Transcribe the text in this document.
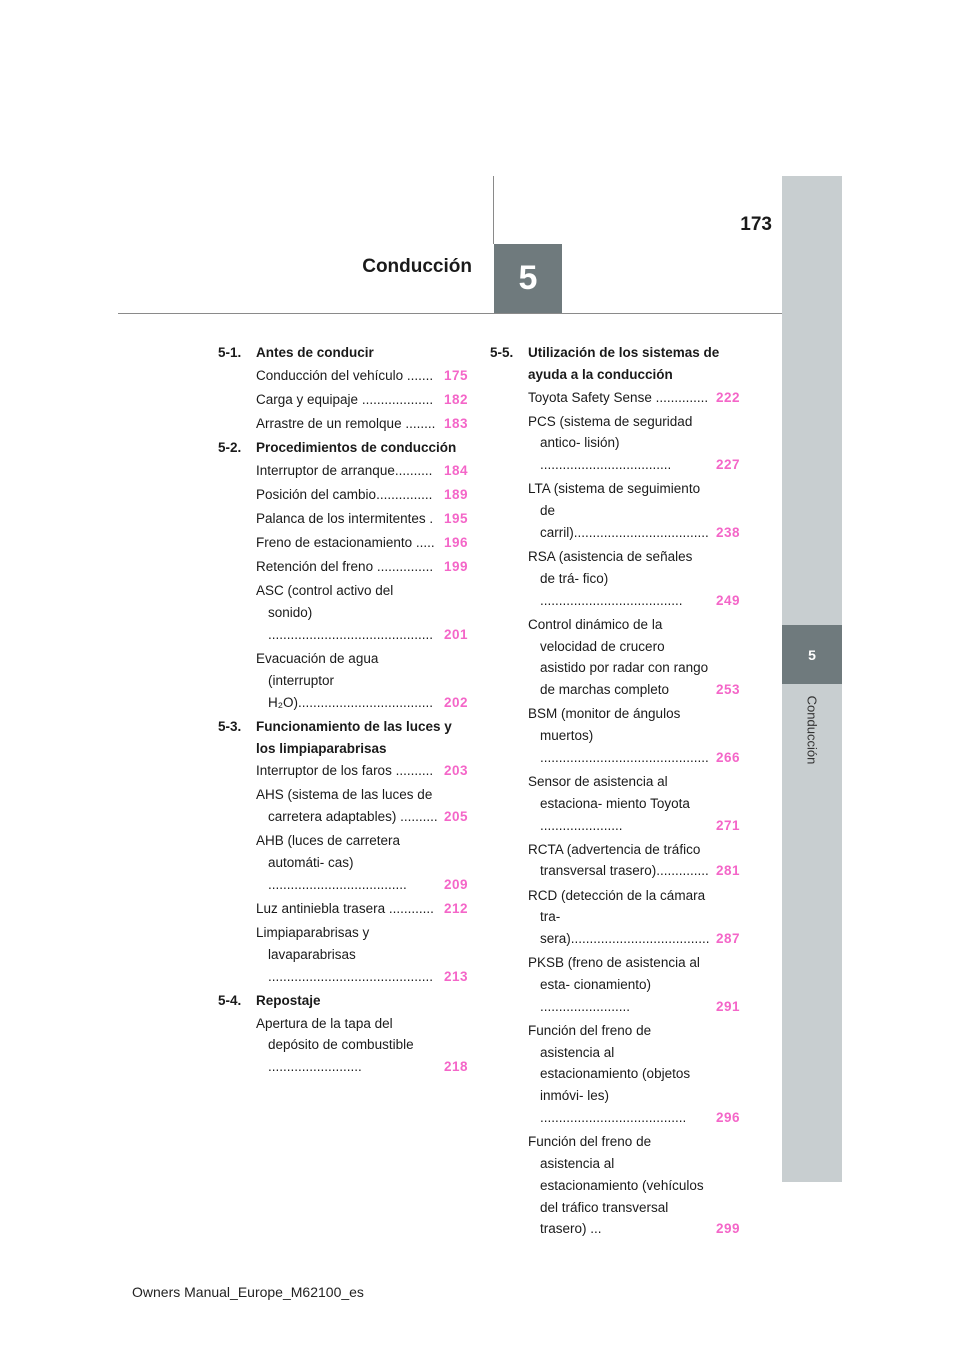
173
Conducción	5
5
Conducción
5-1. Antes de conducir
Conducción del vehículo ....... 175
Carga y equipaje ................... 182
Arrastre de un remolque ........ 183
5-2. Procedimientos de conducción
Interruptor de arranque.......... 184
Posición del cambio............... 189
Palanca de los intermitentes . 195
Freno de estacionamiento ..... 196
Retención del freno ............... 199
ASC (control activo del sonido) ............................................ 201
Evacuación de agua (interruptor H₂O).................................... 202
5-3. Funcionamiento de las luces y los limpiaparabrisas
Interruptor de los faros .......... 203
AHS (sistema de las luces de carretera adaptables) .......... 205
AHB (luces de carretera automáti- cas) .....................................	209
Luz antiniebla trasera ............ 212
Limpiaparabrisas y lavaparabrisas ............................................ 213
5-4. Repostaje
Apertura de la tapa del depósito de combustible .........................	218
5-5. Utilización de los sistemas de ayuda a la conducción
Toyota Safety Sense .............. 222
PCS (sistema de seguridad antico- lisión) ...................................	227
LTA (sistema de seguimiento de carril).................................... 238
RSA (asistencia de señales de trá- fico) ......................................	249
Control dinámico de la velocidad de crucero asistido por radar con rango de marchas completo	253
BSM (monitor de ángulos muertos) ............................................. 266
Sensor de asistencia al estaciona- miento Toyota ......................	271
RCTA (advertencia de tráfico transversal trasero).............. 281
RCD (detección de la cámara tra- sera)..................................... 287
PKSB (freno de asistencia al esta- cionamiento) ........................	291
Función del freno de asistencia al estacionamiento (objetos inmóvi- les) .......................................	296
Función del freno de asistencia al estacionamiento (vehículos del tráfico transversal trasero) ...	299
Owners Manual_Europe_M62100_es
